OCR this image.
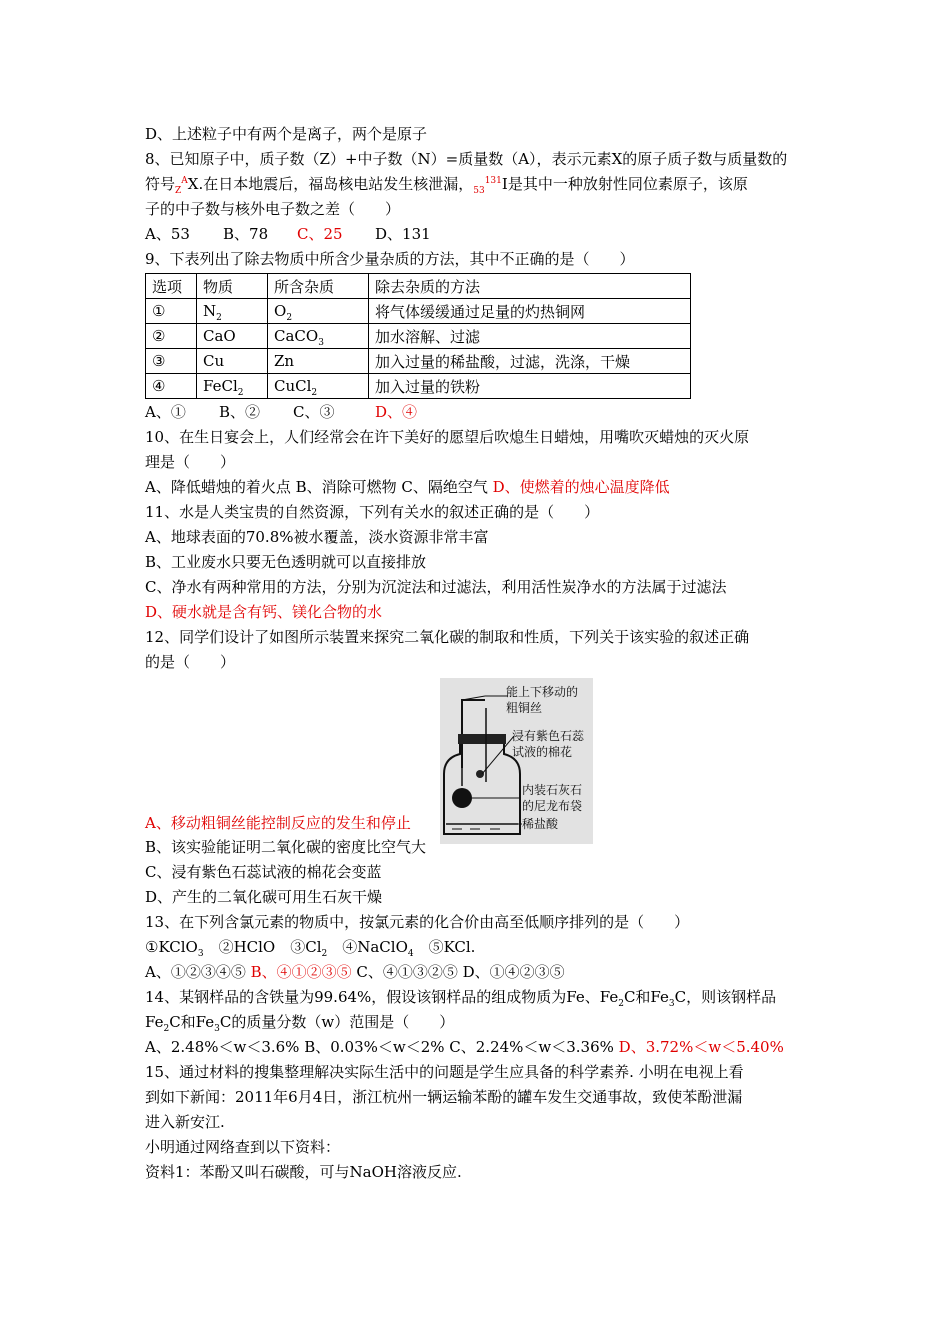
D、上述粒子中有两个是离子，两个是原子
8、已知原子中，质子数（Z）+中子数（N）=质量数（A），表示元素X的原子质子数与质量数的
符号$_Z^A$X.在日本地震后，福岛核电站发生核泄漏，$_{53}^{131}$I是其中一种放射性同位素原子，该原
子的中子数与核外电子数之差（　　）
A、53 B、78 C、25 D、131
9、下表列出了除去物质中所含少量杂质的方法，其中不正确的是（　　）
选项	物质	所含杂质	除去杂质的方法
①	$N_2$	$O_2$	将气体缓缓通过足量的灼热铜网
②	CaO	CaCO$_3$	加水溶解、过滤
③	Cu	Zn	加入过量的稀盐酸，过滤，洗涤，干燥
④	FeCl$_2$	CuCl$_2$	加入过量的铁粉
A、① B、② C、③	D、④
10、在生日宴会上，人们经常会在许下美好的愿望后吹熄生日蜡烛，用嘴吹灭蜡烛的灭火原
理是（　　）
A、降低蜡烛的着火点 B、消除可燃物 C、隔绝空气 D、使燃着的烛心温度降低
11、水是人类宝贵的自然资源，下列有关水的叙述正确的是（　　）
A、地球表面的70.8%被水覆盖，淡水资源非常丰富
B、工业废水只要无色透明就可以直接排放
C、净水有两种常用的方法，分别为沉淀法和过滤法，利用活性炭净水的方法属于过滤法
D、硬水就是含有钙、镁化合物的水
12、同学们设计了如图所示装置来探究二氧化碳的制取和性质，下列关于该实验的叙述正确
的是（　　）
能上下移动的
粗铜丝
浸有紫色石蕊
试液的棉花
内装石灰石
的尼龙布袋
稀盐酸
A、移动粗铜丝能控制反应的发生和停止
B、该实验能证明二氧化碳的密度比空气大
C、浸有紫色石蕊试液的棉花会变蓝
D、产生的二氧化碳可用生石灰干燥
13、在下列含氯元素的物质中，按氯元素的化合价由高至低顺序排列的是（　　）
①KClO$_3$　②HClO　$③Cl_2$　④NaClO$_4$　⑤KCl.
A、①②③④⑤ B、④①②③⑤ C、④①③②⑤ D、①④②③⑤
14、某钢样品的含铁量为99.64%，假设该钢样品的组成物质为Fe、$Fe_2C$和$Fe_3C$，则该钢样品
$Fe_2C$和$Fe_3C$的质量分数（w）范围是（　　）
A、2.48%＜w＜3.6% B、0.03%＜w＜2% C、2.24%＜w＜3.36% D、3.72%＜w＜5.40%
15、通过材料的搜集整理解决实际生活中的问题是学生应具备的科学素养. 小明在电视上看
到如下新闻：2011年6月4日，浙江杭州一辆运输苯酚的罐车发生交通事故，致使苯酚泄漏
进入新安江.
小明通过网络查到以下资料：
资料1：苯酚又叫石碳酸，可与NaOH溶液反应.
